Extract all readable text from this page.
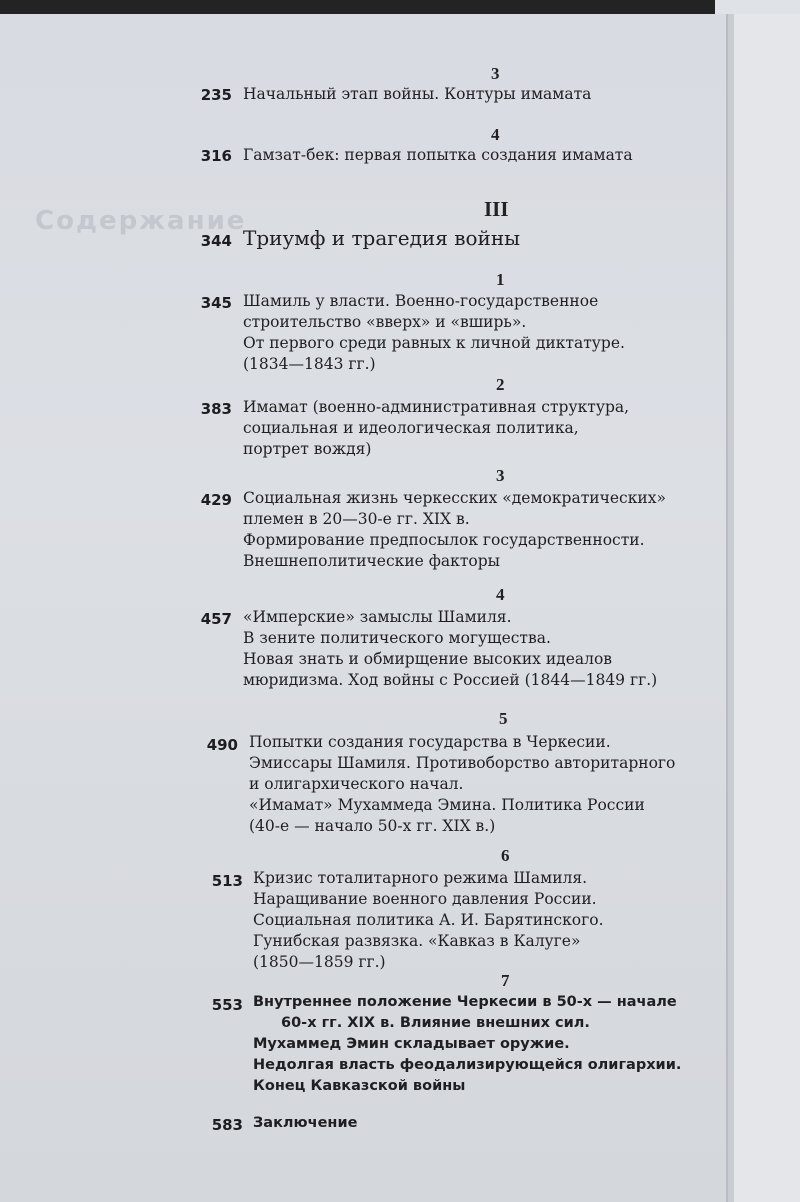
Содержание
3
235 Начальный этап войны. Контуры имамата
4
316 Гамзат-бек: первая попытка создания имамата
III
344 Триумф и трагедия войны
1
345 Шамиль у власти. Военно-государственное
строительство «вверх» и «вширь».
От первого среди равных к личной диктатуре.
(1834—1843 гг.)
2
383 Имамат (военно-административная структура,
социальная и идеологическая политика,
портрет вождя)
3
429 Социальная жизнь черкесских «демократических»
племен в 20—30-е гг. XIX в.
Формирование предпосылок государственности.
Внешнеполитические факторы
4
457 «Имперские» замыслы Шамиля.
В зените политического могущества.
Новая знать и обмирщение высоких идеалов
мюридизма. Ход войны с Россией (1844—1849 гг.)
5
490 Попытки создания государства в Черкесии.
Эмиссары Шамиля. Противоборство авторитарного
и олигархического начал.
«Имамат» Мухаммеда Эмина. Политика России
(40-е — начало 50-х гг. XIX в.)
6
513 Кризис тоталитарного режима Шамиля.
Наращивание военного давления России.
Социальная политика А. И. Барятинского.
Гунибская развязка. «Кавказ в Калуге»
(1850—1859 гг.)
7
553 Внутреннее положение Черкесии в 50-х — начале
60-х гг. XIX в. Влияние внешних сил.
Мухаммед Эмин складывает оружие.
Недолгая власть феодализирующейся олигархии.
Конец Кавказской войны
583 Заключение
